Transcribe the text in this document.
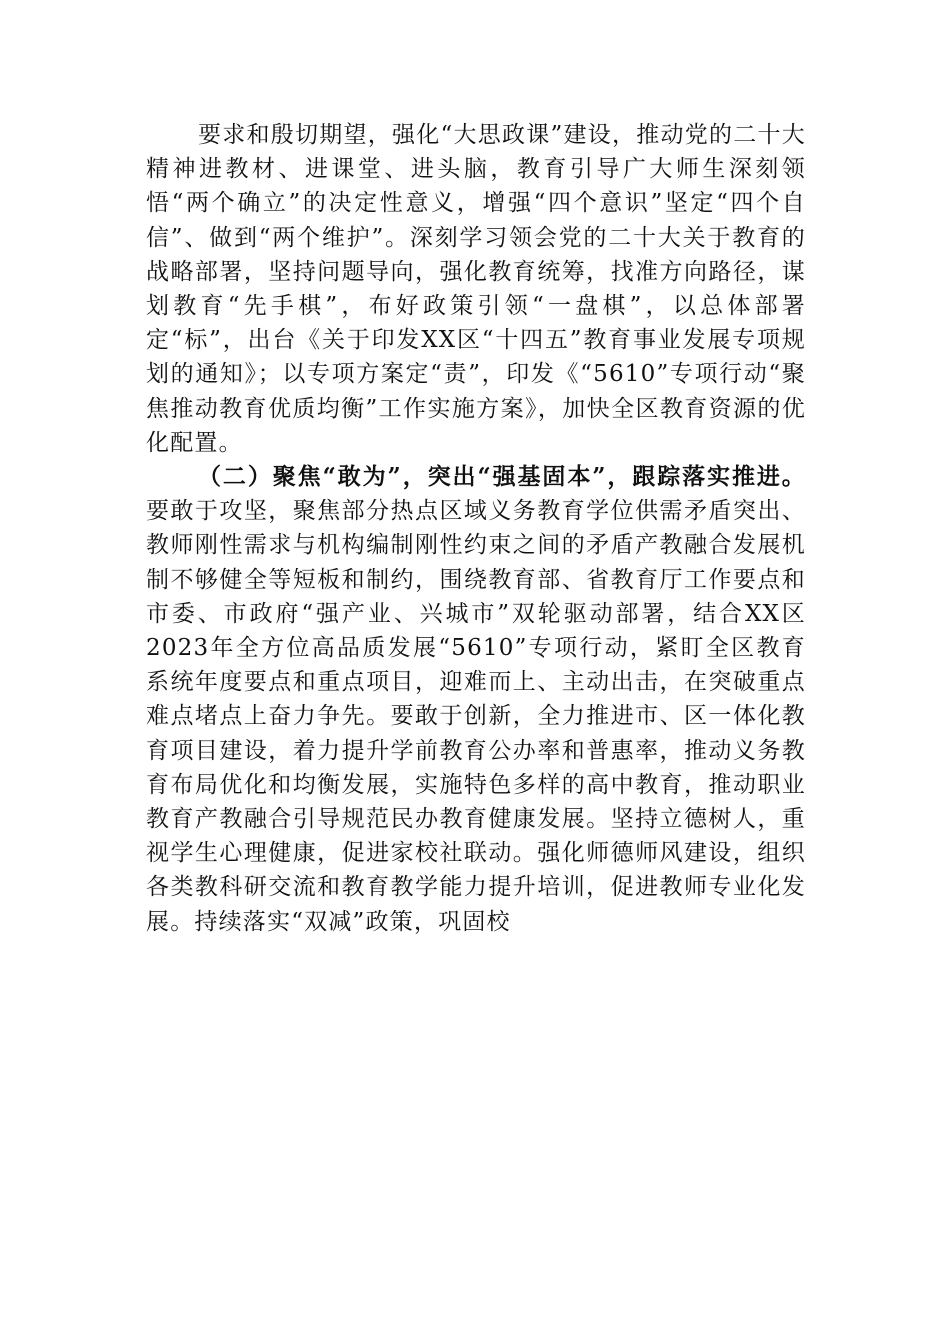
要求和殷切期望，强化“大思政课”建设，推动党的二十大精神进教材、进课堂、进头脑，教育引导广大师生深刻领悟“两个确立”的决定性意义，增强“四个意识”坚定“四个自信”、做到“两个维护”。深刻学习领会党的二十大关于教育的战略部署，坚持问题导向，强化教育统筹，找准方向路径，谋划教育“先手棋”，布好政策引领“一盘棋”，以总体部署定“标”，出台《关于印发XX区“十四五”教育事业发展专项规划的通知》；以专项方案定“责”，印发《“5610”专项行动“聚焦推动教育优质均衡”工作实施方案》，加快全区教育资源的优化配置。

（二）聚焦“敢为”，突出“强基固本”，跟踪落实推进。要敢于攻坚，聚焦部分热点区域义务教育学位供需矛盾突出、教师刚性需求与机构编制刚性约束之间的矛盾产教融合发展机制不够健全等短板和制约，围绕教育部、省教育厅工作要点和市委、市政府“强产业、兴城市”双轮驱动部署，结合XX区2023年全方位高品质发展“5610”专项行动，紧盯全区教育系统年度要点和重点项目，迎难而上、主动出击，在突破重点难点堵点上奋力争先。要敢于创新，全力推进市、区一体化教育项目建设，着力提升学前教育公办率和普惠率，推动义务教育布局优化和均衡发展，实施特色多样的高中教育，推动职业教育产教融合引导规范民办教育健康发展。坚持立德树人，重视学生心理健康，促进家校社联动。强化师德师风建设，组织各类教科研交流和教育教学能力提升培训，促进教师专业化发展。持续落实“双减”政策，巩固校
